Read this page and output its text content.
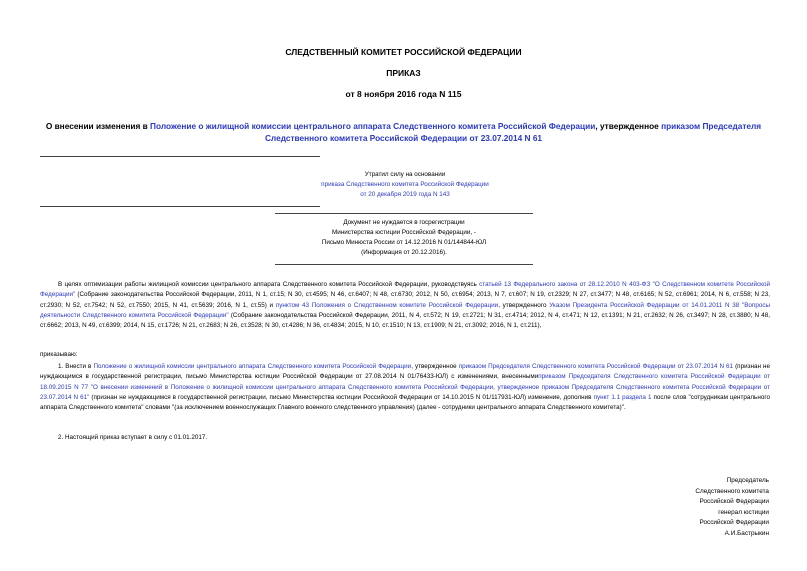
СЛЕДСТВЕННЫЙ КОМИТЕТ РОССИЙСКОЙ ФЕДЕРАЦИИ
ПРИКАЗ
от 8 ноября 2016 года N 115
О внесении изменения в Положение о жилищной комиссии центрального аппарата Следственного комитета Российской Федерации, утвержденное приказом Председателя Следственного комитета Российской Федерации от 23.07.2014 N 61
Утратил силу на основании
приказа Следственного комитета Российской Федерации
от 20 декабря 2019 года N 143
Документ не нуждается в госрегистрации
Министерства юстиции Российской Федерации, -
Письмо Минюста России от 14.12.2016 N 01/144844-ЮЛ
(Информация от 20.12.2016).

В целях оптимизации работы жилищной комиссии центрального аппарата Следственного комитета Российской Федерации, руководствуясь статьей 13 Федерального закона от 28.12.2010 N 403-ФЗ "О Следственном комитете Российской Федерации" (Собрание законодательства Российской Федерации, 2011, N 1, ст.15; N 30, ст.4595; N 46, ст.6407; N 48, ст.6730; 2012, N 50, ст.6954; 2013, N 7, ст.607; N 19, ст.2329; N 27, ст.3477; N 48, ст.6165; N 52, ст.6961; 2014, N 6, ст.558; N 23, ст.2930; N 52, ст.7542; N 52, ст.7550; 2015, N 41, ст.5639; 2016, N 1, ст.55) и пунктом 43 Положения о Следственном комитете Российской Федерации, утвержденного Указом Президента Российской Федерации от 14.01.2011 N 38 "Вопросы деятельности Следственного комитета Российской Федерации" (Собрание законодательства Российской Федерации, 2011, N 4, ст.572; N 19, ст.2721; N 31, ст.4714; 2012, N 4, ст.471; N 12, ст.1391; N 21, ст.2632; N 26, ст.3497; N 28, ст.3880; N 48, ст.6662; 2013, N 49, ст.6399; 2014, N 15, ст.1726; N 21, ст.2683; N 26, ст.3528; N 30, ст.4286; N 36, ст.4834; 2015, N 10, ст.1510; N 13, ст.1909; N 21, ст.3092; 2016, N 1, ст.211),

приказываю:

1. Внести в Положение о жилищной комиссии центрального аппарата Следственного комитета Российской Федерации, утвержденное приказом Председателя Следственного комитета Российской Федерации от 23.07.2014 N 61 (признан не нуждающимся в государственной регистрации, письмо Министерства юстиции Российской Федерации от 27.08.2014 N 01/76433-ЮЛ) с изменениями, внесеннымиприказом Председателя Следственного комитета Российской Федерации от 18.09.2015 N 77 "О внесении изменений в Положение о жилищной комиссии центрального аппарата Следственного комитета Российской Федерации, утвержденное приказом Председателя Следственного комитета Российской Федерации от 23.07.2014 N 61" (признан не нуждающимся в государственной регистрации, письмо Министерства юстиции Российской Федерации от 14.10.2015 N 01/117931-ЮЛ) изменение, дополнив пункт 1.1 раздела 1 после слов "сотрудникам центрального аппарата Следственного комитета" словами "(за исключением военнослужащих Главного военного следственного управления) (далее - сотрудники центрального аппарата Следственного комитета)".

2. Настоящий приказ вступает в силу с 01.01.2017.

Председатель
Следственного комитета
Российской Федерации
генерал юстиции
Российской Федерации
А.И.Бастрыкин
